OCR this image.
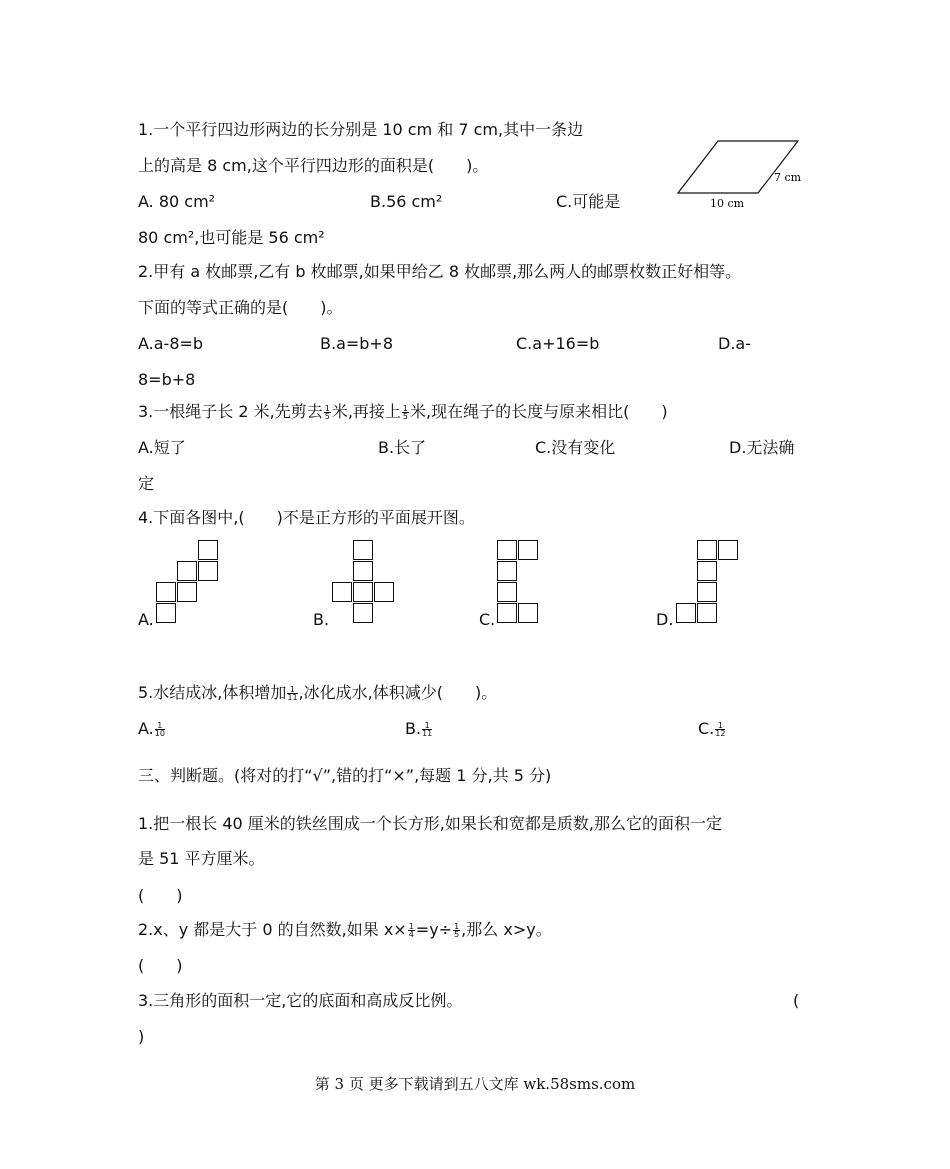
1.一个平行四边形两边的长分别是 10 cm 和 7 cm,其中一条边
上的高是 8 cm,这个平行四边形的面积是(　　)。
A. 80 cm²	B.56 cm²	C.可能是
80 cm²,也可能是 56 cm²
7 cm
10 cm
2.甲有 a 枚邮票,乙有 b 枚邮票,如果甲给乙 8 枚邮票,那么两人的邮票枚数正好相等。
下面的等式正确的是(　　)。
A.a-8=b	B.a=b+8	C.a+16=b	D.a-
8=b+8
3.一根绳子长 2 米,先剪去 $\frac{1}{5}$ 米,再接上 $\frac{1}{5}$ 米,现在绳子的长度与原来相比(　　)
A.短了	B.长了	C.没有变化	D.无法确
定
4.下面各图中,(　　)不是正方形的平面展开图。
A.	B.	C.	D.
5.水结成冰,体积增加 $\frac{1}{11}$ ,冰化成水,体积减少(　　)。
A. $\frac{1}{10}$	B. $\frac{1}{11}$	C. $\frac{1}{12}$
三、判断题。(将对的打“√”,错的打“×”,每题 1 分,共 5 分)
1.把一根长 40 厘米的铁丝围成一个长方形,如果长和宽都是质数,那么它的面积一定
是 51 平方厘米。
(　　)
2.x、y 都是大于 0 的自然数,如果 $x\times \frac{1}{4} =y\div \frac{1}{5}$ ,那么 x>y。
(　　)
3.三角形的面积一定,它的底面和高成反比例。	(
)
第 3 页 更多下载请到五八文库 wk.58sms.com
